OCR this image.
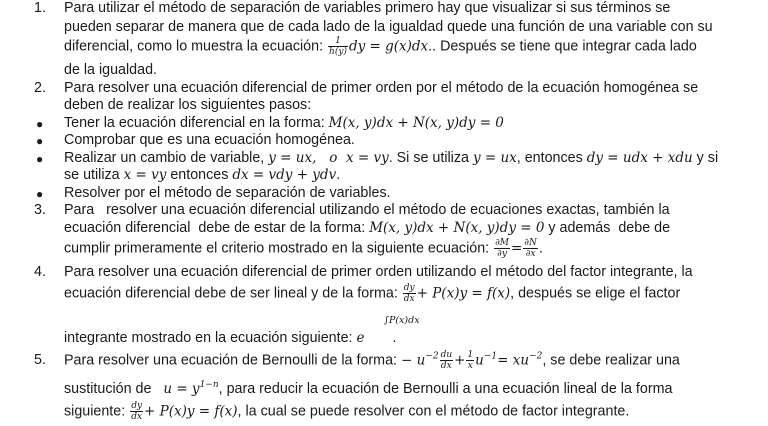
1. Para utilizar el método de separación de variables primero hay que visualizar si sus términos se
pueden separar de manera que de cada lado de la igualdad quede una función de una variable con su
diferencial, como lo muestra la ecuación: $\frac{1}{h(y)}$ dy = g(x)dx.. Después se tiene que integrar cada lado
de la igualdad.
2. Para resolver una ecuación diferencial de primer orden por el método de la ecuación homogénea se
deben de realizar los siguientes pasos:
● Tener la ecuación diferencial en la forma: M(x, y)dx + N(x, y)dy = 0
● Comprobar que es una ecuación homogénea.
● Realizar un cambio de variable, y = ux,   o  x = vy. Si se utiliza y = ux, entonces dy = udx + xdu y si
se utiliza x = vy entonces dx = vdy + ydv.
● Resolver por el método de separación de variables.
3. Para   resolver una ecuación diferencial utilizando el método de ecuaciones exactas, también la
ecuación diferencial  debe de estar de la forma: M(x, y)dx + N(x, y)dy = 0 y además  debe de
cumplir primeramente el criterio mostrado en la siguiente ecuación: $\frac{\partial M}{\partial y} = \frac{\partial N}{\partial x}$ .
4. Para resolver una ecuación diferencial de primer orden utilizando el método del factor integrante, la
ecuación diferencial debe de ser lineal y de la forma: $\frac{dy}{dx} + P(x)y = f(x)$, después se elige el factor
∫P(x)dx
integrante mostrado en la ecuación siguiente: e .
5. Para resolver una ecuación de Bernoulli de la forma: − $u^{-2} \frac{du}{dx} + \frac{1}{x} u^{-1}= xu^{-2}$, se debe realizar una
sustitución de   $u = y^{1-n}$, para reducir la ecuación de Bernoulli a una ecuación lineal de la forma
siguiente: $\frac{dy}{dx} + P(x)y = f(x)$, la cual se puede resolver con el método de factor integrante.
